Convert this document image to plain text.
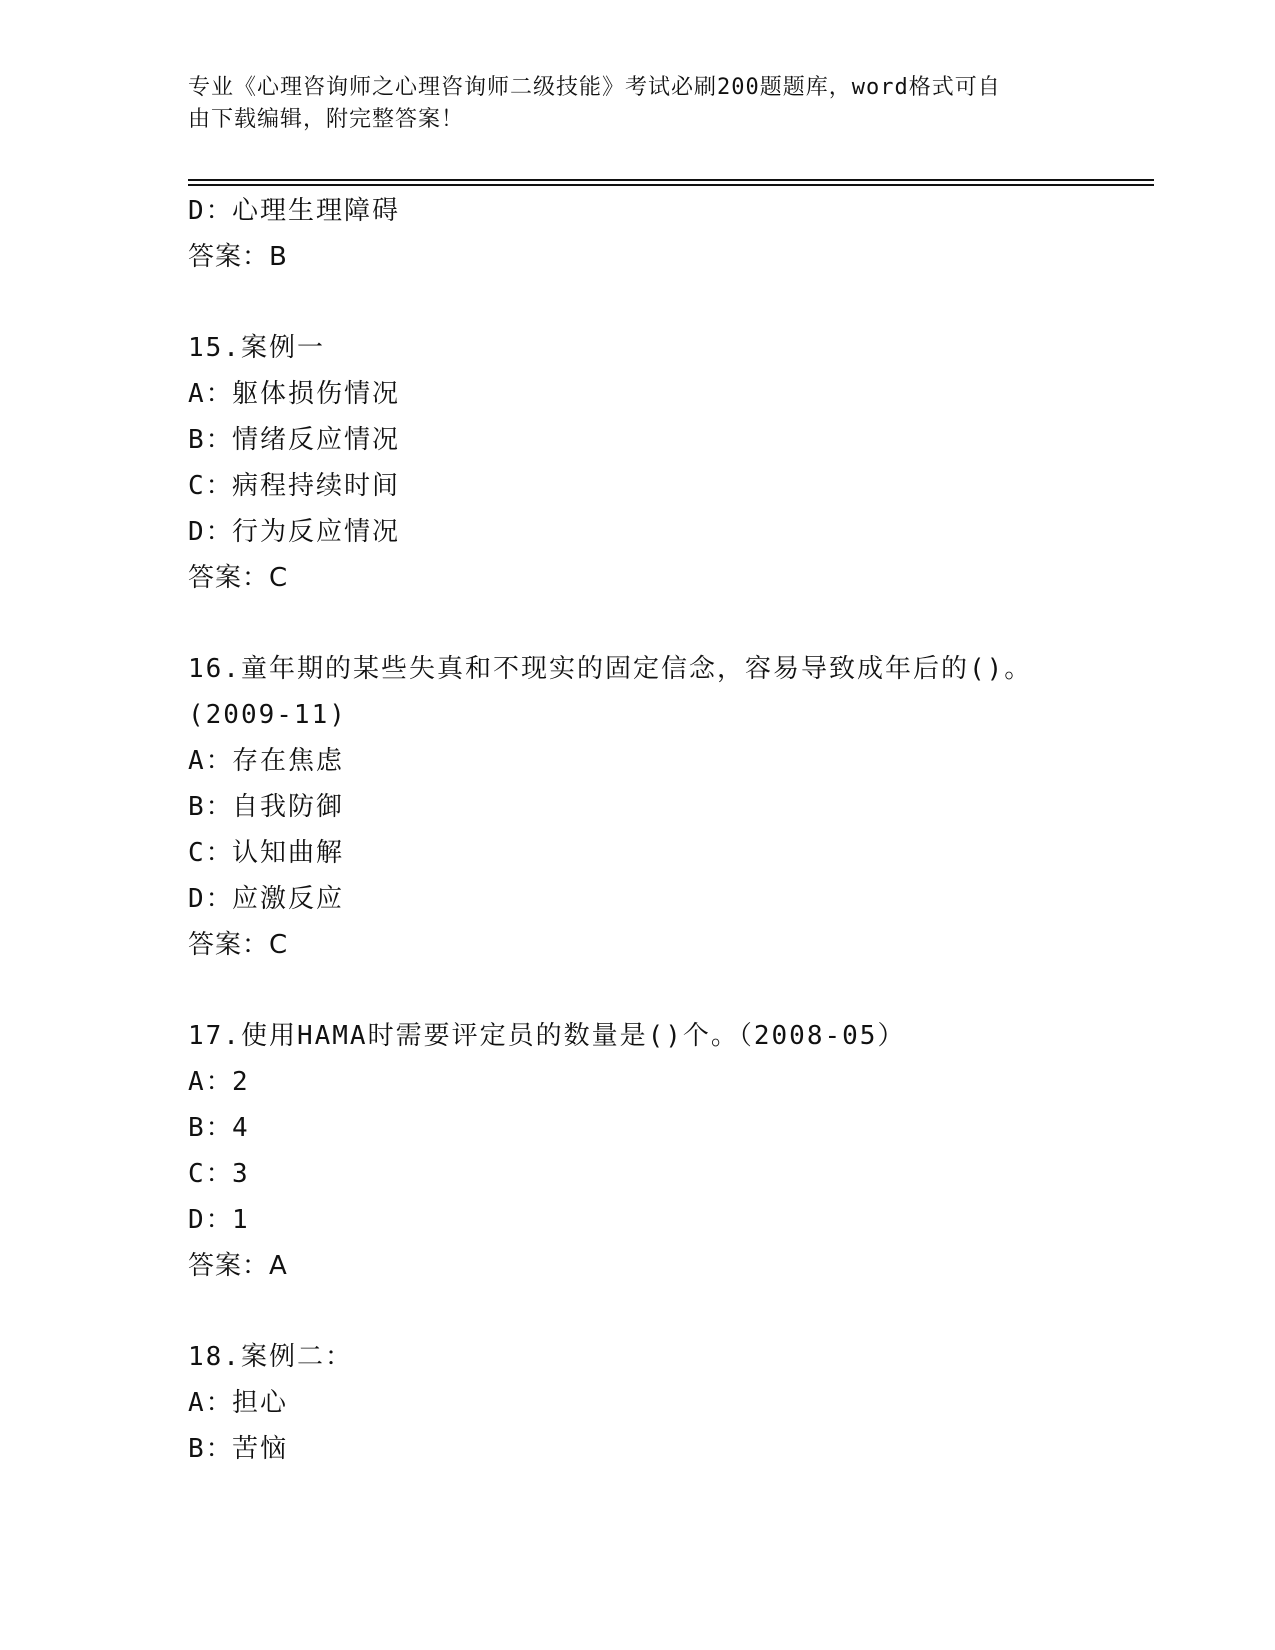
专业《心理咨询师之心理咨询师二级技能》考试必刷200题题库，word格式可自
由下载编辑，附完整答案！
D：心理生理障碍
答案：B
15.案例一
A：躯体损伤情况
B：情绪反应情况
C：病程持续时间
D：行为反应情况
答案：C
16.童年期的某些失真和不现实的固定信念，容易导致成年后的()。
(2009-11)
A：存在焦虑
B：自我防御
C：认知曲解
D：应激反应
答案：C
17.使用HAMA时需要评定员的数量是()个。（2008-05）
A：2
B：4
C：3
D：1
答案：A
18.案例二：
A：担心
B：苦恼
